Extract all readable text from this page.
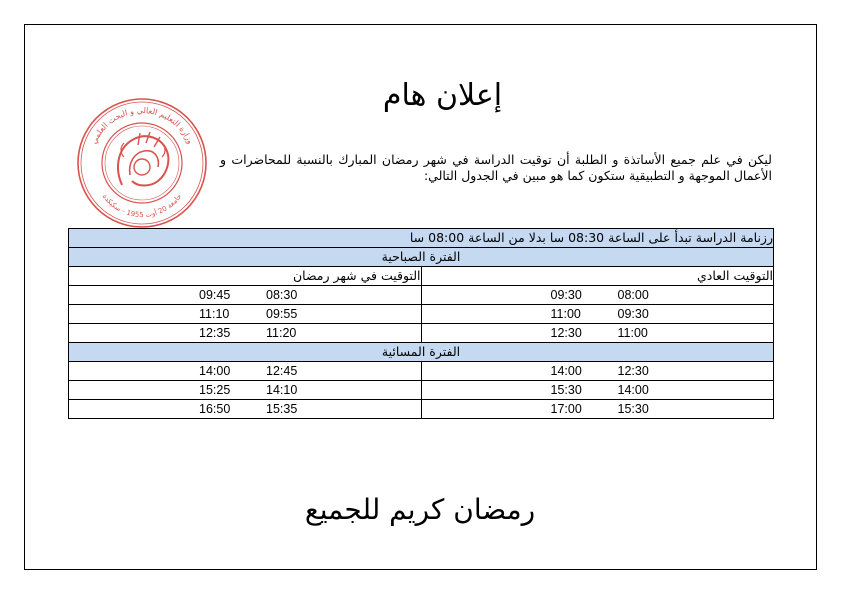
وزارة التعليم العالي و البحث العلمي
جامعة 20 أوت 1955 - سكيكدة
إعلان هام
ليكن في علم جميع الأساتذة و الطلبة أن توقيت الدراسة في شهر رمضان المبارك بالنسبة للمحاضرات و الأعمال الموجهة و التطبيقية ستكون كما هو مبين في الجدول التالي:
رزنامة الدراسة تبدأ على الساعة 08:30 سا بدلا من الساعة 08:00 سا	
الفترة الصباحية	
التوقيت العادي	التوقيت في شهر رمضان
09:30 08:00	09:45 08:30
11:00 09:30	11:10 09:55
12:30 11:00	12:35 11:20
الفترة المسائية	
14:00 12:30	14:00 12:45
15:30 14:00	15:25 14:10
17:00 15:30	16:50 15:35
رمضان كريم للجميع
